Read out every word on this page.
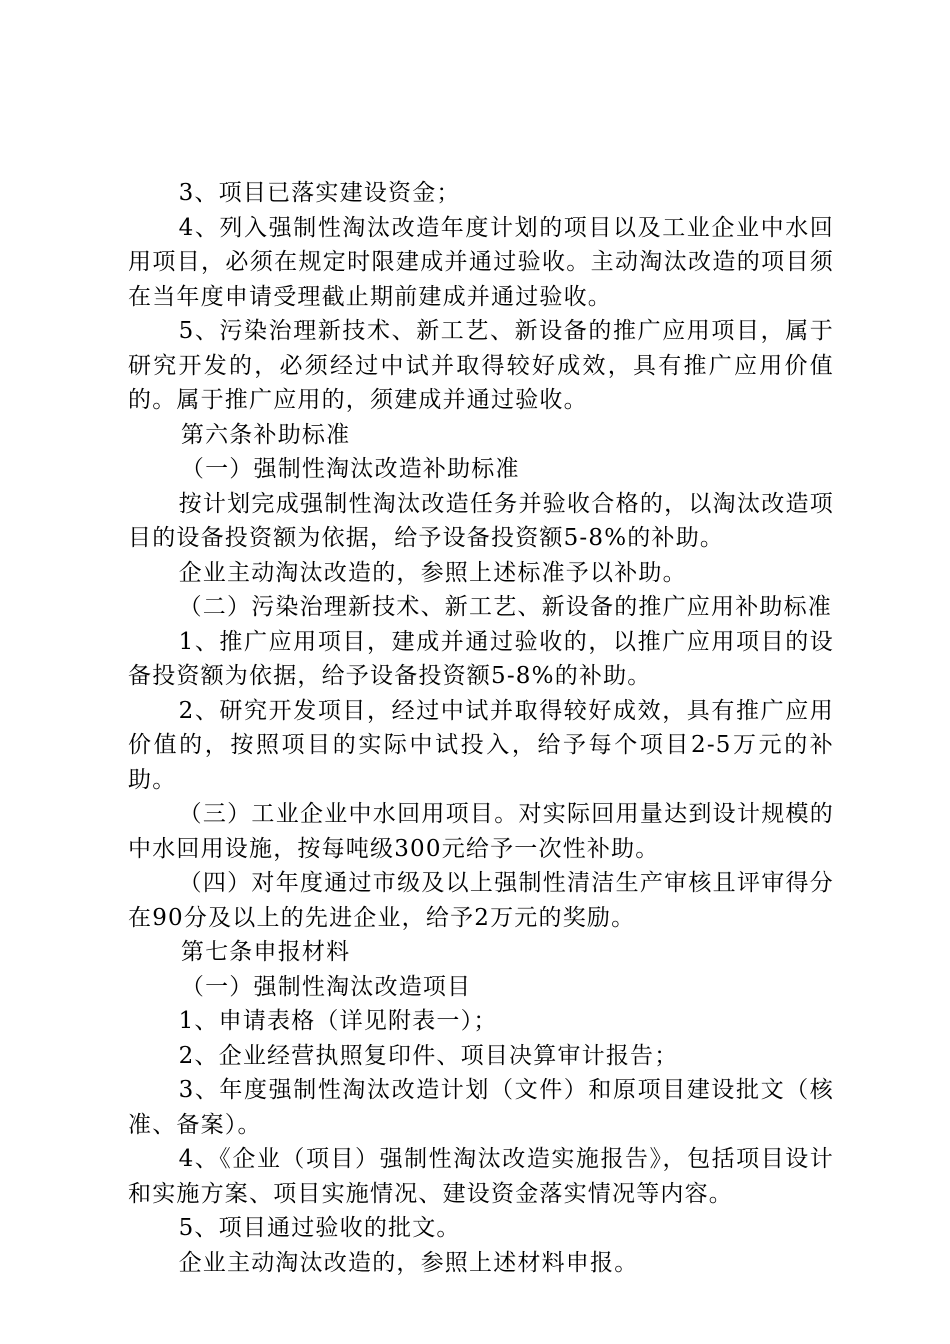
3、项目已落实建设资金；

4、列入强制性淘汰改造年度计划的项目以及工业企业中水回用项目，必须在规定时限建成并通过验收。主动淘汰改造的项目须在当年度申请受理截止期前建成并通过验收。

5、污染治理新技术、新工艺、新设备的推广应用项目，属于研究开发的，必须经过中试并取得较好成效，具有推广应用价值的。属于推广应用的，须建成并通过验收。

第六条补助标准

（一）强制性淘汰改造补助标准

按计划完成强制性淘汰改造任务并验收合格的，以淘汰改造项目的设备投资额为依据，给予设备投资额5-8%的补助。

企业主动淘汰改造的，参照上述标准予以补助。

（二）污染治理新技术、新工艺、新设备的推广应用补助标准

1、推广应用项目，建成并通过验收的，以推广应用项目的设备投资额为依据，给予设备投资额5-8%的补助。

2、研究开发项目，经过中试并取得较好成效，具有推广应用价值的，按照项目的实际中试投入，给予每个项目2-5万元的补助。

（三）工业企业中水回用项目。对实际回用量达到设计规模的中水回用设施，按每吨级300元给予一次性补助。

（四）对年度通过市级及以上强制性清洁生产审核且评审得分在90分及以上的先进企业，给予2万元的奖励。

第七条申报材料

（一）强制性淘汰改造项目

1、申请表格（详见附表一）；

2、企业经营执照复印件、项目决算审计报告；

3、年度强制性淘汰改造计划（文件）和原项目建设批文（核准、备案）。

4、《企业（项目）强制性淘汰改造实施报告》，包括项目设计和实施方案、项目实施情况、建设资金落实情况等内容。

5、项目通过验收的批文。

企业主动淘汰改造的，参照上述材料申报。
